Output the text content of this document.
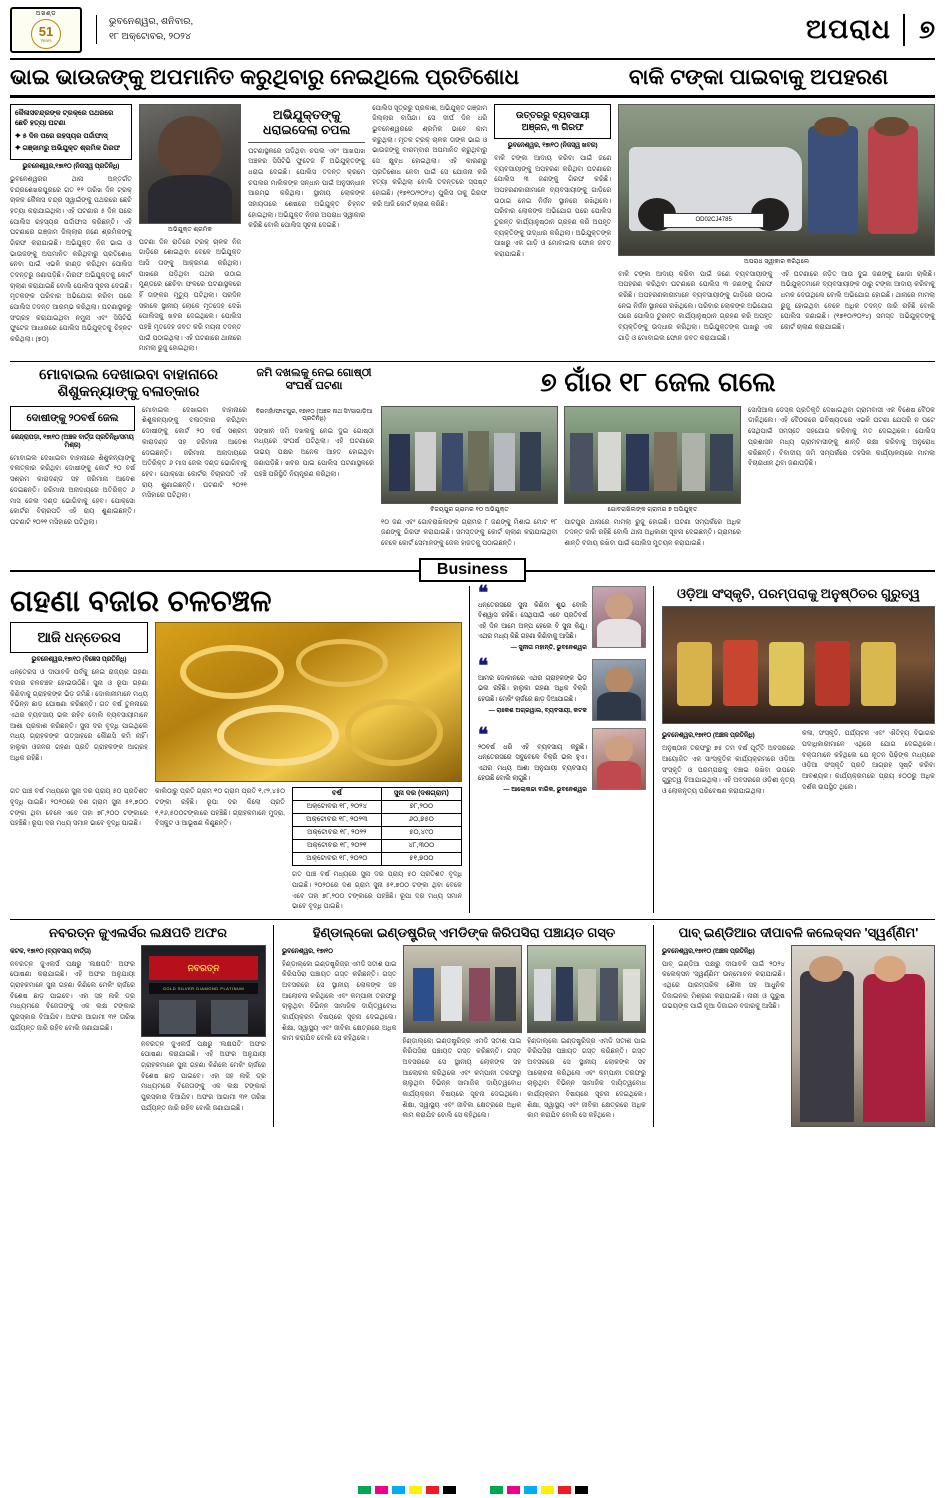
ଅଖଣ୍ଡ
51
Years
ଭୁବନେଶ୍ୱର, ଶନିବାର,
୧୮ ଅକ୍ଟୋବର, ୨୦୨୪	ଅପରାଧ	୭
ଭାଇ ଭାଉଜଙ୍କୁ ଅପମାନିତ କରୁଥିବାରୁ ନେଇଥିଲେ ପ୍ରତିଶୋଧ	ବାକି ଟଙ୍କା ପାଇବାକୁ ଅପହରଣ
କୈଳାସଚନ୍ଦ୍ରଙ୍କ ଟ୍ରକ୍‌ରେ ପଥରରେ ଛେଚି ହତ୍ୟା ଘଟଣା
✦ ୫ ଦିନ ପରେ ରହସ୍ୟର ପର୍ଦ୍ଦାଫାସ୍
✦ ଗଞ୍ଜାମରୁ ଅଭିଯୁକ୍ତ ଶ୍ରମିକ ଗିରଫ
ଭୁବନେଶ୍ୱର,୧୭ା୧୦ (ନିଜସ୍ୱ ପ୍ରତିନିଧି)
ଭୁବନେଶ୍ୱରର ଥାନା ଅନ୍ତର୍ଗତ ଚନ୍ଦ୍ରଶେଖରପୁରରେ ଗତ ୧୨ ତାରିଖ ଦିନ ଟ୍ରକ୍ ଚାଳକ କୈଳାସ ଚନ୍ଦ୍ର ସ୍ୱାଇଁଙ୍କୁ ପଥରରେ ଛେଚି ହତ୍ୟା କରାଯାଇଥିଲା। ଏହି ଘଟଣାର ୫ ଦିନ ପରେ ପୋଲିସ ରହସ୍ୟର ପର୍ଦ୍ଦାଫାସ କରିଛନ୍ତି। ଏହି ଘଟଣାରେ ଗଞ୍ଜାମ ଜିଲ୍ଲାର ଜଣେ ଶ୍ରମିକଙ୍କୁ ଗିରଫ କରାଯାଇଛି। ଅଭିଯୁକ୍ତ ନିଜ ଭାଇ ଓ ଭାଉଜଙ୍କୁ ଅପମାନିତ କରିଥିବାରୁ ପ୍ରତିଶୋଧ ନେବା ପାଇଁ ଏଭଳି କାଣ୍ଡ କରିଥିବା ପୋଲିସ ତଦନ୍ତରୁ ଜଣାପଡ଼ିଛି। ଗିରଫ ଅଭିଯୁକ୍ତକୁ କୋର୍ଟ ଚାଲାଣ କରାଯାଇଛି ବୋଲି ପୋଲିସ ସୂଚନା ଦେଇଛି। ମୃତକଙ୍କ ପରିବାର ଅଭିଯୋଗ କରିବା ପରେ ପୋଲିସ ତଦନ୍ତ ଆରମ୍ଭ କରିଥିଲା। ଘଟଣାସ୍ଥଳରୁ ସଂଗ୍ରହ କରାଯାଇଥିବା ନମୁନା ଏବଂ ସିସିଟିଭି ଫୁଟେଜ ଆଧାରରେ ପୋଲିସ ଅଭିଯୁକ୍ତକୁ ଚିହ୍ନଟ କରିଥିଲା। (୭୦)
ଅଭିଯୁକ୍ତ ଶ୍ରମିକ
ଘଟଣା ଦିନ ରାତିରେ ଟ୍ରକ୍ ଚାଳକ ନିଜ ଗାଡ଼ିରେ ଶୋଇଥିବା ବେଳେ ଅଭିଯୁକ୍ତ ଆସି ତାଙ୍କୁ ଆକ୍ରମଣ କରିଥିଲା। ପାଖରେ ପଡ଼ିଥିବା ପଥର ଉଠାଇ ମୁଣ୍ଡରେ ଛେଚିବା ଫଳରେ ଘଟଣାସ୍ଥଳରେ ହିଁ ତାଙ୍କର ମୃତ୍ୟୁ ଘଟିଥିଲା। ପରଦିନ ସକାଳେ ସ୍ଥାନୀୟ ଲୋକେ ମୃତଦେହ ଦେଖି ପୋଲିସକୁ ଖବର ଦେଇଥିଲେ। ପୋଲିସ ପହଞ୍ଚି ମୃତଦେହ ଜବତ କରି ମୟନା ତଦନ୍ତ ପାଇଁ ପଠାଇଥିଲା। ଏହି ଘଟଣାରେ ଥାନାରେ ମାମଲା ରୁଜୁ ହୋଇଥିଲା।
ଅଭିଯୁକ୍ତଙ୍କୁ ଧରାଇଦେଲା ଚପଲ
ଘଟଣାସ୍ଥଳରେ ପଡ଼ିଥିବା ଚପଲ ଏବଂ ଆଖପାଖ ଅଞ୍ଚଳର ସିସିଟିଭି ଫୁଟେଜ ହିଁ ଅଭିଯୁକ୍ତଙ୍କୁ ଧରାଇ ଦେଇଛି। ପୋଲିସ ତଦନ୍ତ କ୍ରମେ ଚପଲର ମାଲିକଙ୍କ ସନ୍ଧାନ ପାଇଁ ଅନୁସନ୍ଧାନ ଆରମ୍ଭ କରିଥିଲା। ସ୍ଥାନୀୟ ଲୋକଙ୍କ ସହାୟତାରେ ଶେଷରେ ଅଭିଯୁକ୍ତ ଚିହ୍ନଟ ହୋଇଥିଲା। ଅଭିଯୁକ୍ତ ନିଜର ଅପରାଧ ସ୍ୱୀକାର କରିଛି ବୋଲି ପୋଲିସ ସୂଚନା ଦେଇଛି।
ପୋଲିସ ସୂତ୍ରରୁ ପ୍ରକାଶ, ଅଭିଯୁକ୍ତ ଗଞ୍ଜାମ ଜିଲ୍ଲାର ବାସିନ୍ଦା। ସେ ଦୀର୍ଘ ଦିନ ଧରି ଭୁବନେଶ୍ୱରରେ ଶ୍ରମିକ ଭାବେ କାମ କରୁଥିଲା। ମୃତକ ଟ୍ରକ୍ ଚାଳକ ତାଙ୍କ ଭାଇ ଓ ଭାଉଜଙ୍କୁ ବାରମ୍ବାର ଅପମାନିତ କରୁଥିବାରୁ ସେ କ୍ଷୁବ୍ଧ ହୋଇଥିଲା। ଏହି କାରଣରୁ ପ୍ରତିଶୋଧ ନେବା ପାଇଁ ସେ ଯୋଜନା କରି ହତ୍ୟା କରିଥିଲା ବୋଲି ତଦନ୍ତରେ ସ୍ପଷ୍ଟ ହୋଇଛି। (୧୭୧୦/୨୦୨୪) ପୁଲିସ ତାକୁ ଗିରଫ କରି ଆଜି କୋର୍ଟ ଚାଲାଣ କରିଛି।
ଉତ୍ତରରୁ ବ୍ୟବସାୟୀ
ଅଞ୍ଜନ, ୩ ଗିରଫ
ଭୁବନେଶ୍ୱର, ୧୭ା୧୦ (ନିଜସ୍ୱ ଖବର)
ବାକି ଟଙ୍କା ଆଦାୟ କରିବା ପାଇଁ ଜଣେ ବ୍ୟବସାୟୀଙ୍କୁ ଅପହରଣ କରିଥିବା ଘଟଣାରେ ପୋଲିସ ୩ ଜଣଙ୍କୁ ଗିରଫ କରିଛି। ଅପହରଣକାରୀମାନେ ବ୍ୟବସାୟୀଙ୍କୁ ଗାଡ଼ିରେ ଉଠାଇ ନେଇ ନିର୍ଜନ ସ୍ଥାନରେ ରଖିଥିଲେ। ପରିବାର ଲୋକଙ୍କ ଅଭିଯୋଗ ପରେ ପୋଲିସ ତୁରନ୍ତ କାର୍ଯ୍ୟାନୁଷ୍ଠାନ ଗ୍ରହଣ କରି ଅପହୃତ ବ୍ୟକ୍ତିଙ୍କୁ ଉଦ୍ଧାର କରିଥିଲା। ଅଭିଯୁକ୍ତଙ୍କ ପାଖରୁ ଏକ ଗାଡ଼ି ଓ ମୋବାଇଲ ଫୋନ ଜବତ କରାଯାଇଛି।
OD02CJ4785
ଅପରାଧ ସ୍ୱୀକାର କରିଥିଲେ
ବାକି ଟଙ୍କା ଆଦାୟ କରିବା ପାଇଁ ଜଣେ ବ୍ୟବସାୟୀଙ୍କୁ ଅପହରଣ କରିଥିବା ଘଟଣାରେ ପୋଲିସ ୩ ଜଣଙ୍କୁ ଗିରଫ କରିଛି। ଅପହରଣକାରୀମାନେ ବ୍ୟବସାୟୀଙ୍କୁ ଗାଡ଼ିରେ ଉଠାଇ ନେଇ ନିର୍ଜନ ସ୍ଥାନରେ ରଖିଥିଲେ। ପରିବାର ଲୋକଙ୍କ ଅଭିଯୋଗ ପରେ ପୋଲିସ ତୁରନ୍ତ କାର୍ଯ୍ୟାନୁଷ୍ଠାନ ଗ୍ରହଣ କରି ଅପହୃତ ବ୍ୟକ୍ତିଙ୍କୁ ଉଦ୍ଧାର କରିଥିଲା। ଅଭିଯୁକ୍ତଙ୍କ ପାଖରୁ ଏକ ଗାଡ଼ି ଓ ମୋବାଇଲ ଫୋନ ଜବତ କରାଯାଇଛି।
ଏହି ଘଟଣାରେ ଜଡ଼ିତ ଆଉ ଦୁଇ ଜଣଙ୍କୁ ଖୋଜା ଚାଲିଛି। ଅଭିଯୁକ୍ତମାନେ ବ୍ୟବସାୟୀଙ୍କ ଠାରୁ ଟଙ୍କା ଆଦାୟ କରିବାକୁ ଧମକ ଦେଉଥିଲେ ବୋଲି ଅଭିଯୋଗ ହୋଇଛି। ଥାନାରେ ମାମଲା ରୁଜୁ ହୋଇଥିବା ବେଳେ ଅଧିକ ତଦନ୍ତ ଜାରି ରହିଛି ବୋଲି ପୋଲିସ ଜଣାଇଛି। (୧୭୧୦/୨୦୨୪) ସମସ୍ତ ଅଭିଯୁକ୍ତଙ୍କୁ କୋର୍ଟ ଚାଲାଣ କରାଯାଇଛି।
ମୋବାଇଲ ଦେଖାଇବା ବାହାନାରେ ଶିଶୁକନ୍ୟାଙ୍କୁ ବଳାତ୍କାର
ଜମି ଦଖଲକୁ ନେଇ ଗୋଷ୍ଠୀ ସଂଘର୍ଷ ଘଟଣା	୭ ଗାଁର ୧୮ ଜେଲ ଗଲେ
ଦୋଷୀଙ୍କୁ ୨୦ବର୍ଷ ଜେଲ
କେନ୍ଦ୍ରାପଡ଼ା, ୧୭ା୧୦ (ଅଞ୍ଚଳ ବାର୍ତ୍ତା ପ୍ରତିନିଧି/ସମୟ ମିଶ୍ର)
ମୋବାଇଲ ଦେଖାଇବା ବାହାନାରେ ଶିଶୁକନ୍ୟାଙ୍କୁ ବଳାତ୍କାର କରିଥିବା ଦୋଷୀଙ୍କୁ କୋର୍ଟ ୨୦ ବର୍ଷ ସଶ୍ରମ କାରାଦଣ୍ଡ ସହ ଜରିମାନା ଆଦେଶ ଦେଇଛନ୍ତି। ଜରିମାନା ଅନାଦାୟରେ ଅତିରିକ୍ତ ୬ ମାସ ଜେଲ ଦଣ୍ଡ ଭୋଗିବାକୁ ହେବ। ପୋକ୍ସୋ କୋର୍ଟର ବିଚାରପତି ଏହି ରାୟ ଶୁଣାଇଛନ୍ତି। ଘଟଣାଟି ୨୦୨୧ ମସିହାରେ ଘଟିଥିଲା।
ମୋବାଇଲ ଦେଖାଇବା ବାହାନାରେ ଶିଶୁକନ୍ୟାଙ୍କୁ ବଳାତ୍କାର କରିଥିବା ଦୋଷୀଙ୍କୁ କୋର୍ଟ ୨୦ ବର୍ଷ ସଶ୍ରମ କାରାଦଣ୍ଡ ସହ ଜରିମାନା ଆଦେଶ ଦେଇଛନ୍ତି। ଜରିମାନା ଅନାଦାୟରେ ଅତିରିକ୍ତ ୬ ମାସ ଜେଲ ଦଣ୍ଡ ଭୋଗିବାକୁ ହେବ। ପୋକ୍ସୋ କୋର୍ଟର ବିଚାରପତି ଏହି ରାୟ ଶୁଣାଇଛନ୍ତି। ଘଟଣାଟି ୨୦୨୧ ମସିହାରେ ଘଟିଥିଲା।
ବିରମହାଁ/ଫାଟପୁର, ୧୭ା୧୦ (ଅଞ୍ଚଳ ନାଥ ସିଂ/ସାଗାଡ଼ିଆ ପ୍ରତିନିଧି)
ସଙ୍ଖୀନ ଜମି ଦଖଲକୁ ନେଇ ଦୁଇ ଗୋଷ୍ଠୀ ମଧ୍ୟରେ ସଂଘର୍ଷ ଘଟିଥିଲା। ଏହି ଘଟଣାରେ ଉଭୟ ପକ୍ଷର ଅନେକ ଆହତ ହୋଇଥିବା ଜଣାପଡ଼ିଛି। ଖବର ପାଇ ପୋଲିସ ଘଟଣାସ୍ଥଳରେ ପହଞ୍ଚି ପରିସ୍ଥିତି ନିୟନ୍ତ୍ରଣ କରିଥିଲା।
ବିଜୟପୁର ଗ୍ରାମର ୧୦ ଅଭିଯୁକ୍ତ	ଗୋବରାଖିଲଙ୍କ ଗ୍ରାମର ୭ ଅଭିଯୁକ୍ତ
୧୦ ଜଣ ଏବଂ ଗୋବରାଖିଲଙ୍କ ଗ୍ରାମର ୮ ଜଣଙ୍କୁ ମିଶାଇ ମୋଟ ୧୮ ଜଣଙ୍କୁ ଗିରଫ କରାଯାଇଛି। ସମସ୍ତଙ୍କୁ କୋର୍ଟ ଚାଲାଣ କରାଯାଇଥିବା ବେଳେ କୋର୍ଟ ସେମାନଙ୍କୁ ଜେଲ ହାଜତକୁ ପଠାଇଛନ୍ତି।
ପାଟପୁର ଥାନାରେ ମାମଲା ରୁଜୁ ହୋଇଛି। ଘଟଣା ସମ୍ପର୍କରେ ଅଧିକ ତଦନ୍ତ ଜାରି ରହିଛି ବୋଲି ଥାନା ଅଧିକାରୀ ସୂଚନା ଦେଇଛନ୍ତି। ଗ୍ରାମରେ ଶାନ୍ତି ବଜାୟ ରଖିବା ପାଇଁ ପୋଲିସ ମୁତୟନ କରାଯାଇଛି।
ସୋସିଆଲ ଡେସ୍କ ପ୍ରତିକୃତି ଦେଖାଇଥିବା ଗ୍ରାମବାସୀ ଏକ ବିଶେଷ ବୈଠକ ଡାକିଥିଲେ। ଏହି ବୈଠକରେ ଭବିଷ୍ୟତରେ ଏଭଳି ଘଟଣା ଯେପରି ନ ଘଟେ ସେଥିପାଇଁ ସମସ୍ତେ ସହଯୋଗ କରିବାକୁ ମତ ଦେଇଥିଲେ। ପୋଲିସ ପ୍ରଶାସନ ମଧ୍ୟ ଗ୍ରାମବାସୀଙ୍କୁ ଶାନ୍ତି ରକ୍ଷା କରିବାକୁ ଅନୁରୋଧ କରିଛନ୍ତି। ବିବାଦୀୟ ଜମି ସମ୍ପର୍କରେ ତହସିଲ କାର୍ଯ୍ୟାଳୟରେ ମାମଲା ବିଚାରାଧୀନ ଥିବା ଜଣାପଡ଼ିଛି।
Business
ଗହଣା ବଜାର ଚଳଚଞ୍ଚଳ
ଆଜି ଧନ୍ତେରସ
ଭୁବନେଶ୍ୱର,୧୭ା୧୦ (ବିଜ୍ଞେସ ପ୍ରତିନିଧି)
ଧନ୍ତେରସ ଓ ଦୀପାବଳି ପର୍ବକୁ ନେଇ ରାଜ୍ୟର ଗହଣା ବଜାର ଚଳଚଞ୍ଚଳ ହୋଇଉଠିଛି। ସୁନା ଓ ରୂପା ଗହଣା କିଣିବାକୁ ଗ୍ରାହକଙ୍କ ଭିଡ଼ ଜମିଛି। ଦୋକାନୀମାନେ ମଧ୍ୟ ବିଭିନ୍ନ ଛାଡ଼ ଘୋଷଣା କରିଛନ୍ତି। ଗତ ବର୍ଷ ତୁଳନାରେ ଏଥର ବ୍ୟବସାୟ ଭଲ ରହିବ ବୋଲି ବ୍ୟବସାୟୀମାନେ ଆଶା ପ୍ରକାଶ କରିଛନ୍ତି। ସୁନା ଦର ବୃଦ୍ଧି ପାଇଥିଲେ ମଧ୍ୟ ଗ୍ରାହକଙ୍କ ଉତ୍ସାହରେ କୌଣସି କମି ନାହିଁ। ହାଲୁକା ଓଜନର ଗହଣା ପ୍ରତି ଗ୍ରାହକଙ୍କ ଆଗ୍ରହ ଅଧିକ ରହିଛି।
ଗତ ପାଞ୍ଚ ବର୍ଷ ମଧ୍ୟରେ ସୁନା ଦର ପ୍ରାୟ ୫୦ ପ୍ରତିଶତ ବୃଦ୍ଧି ପାଇଛି। ୨୦୨୦ରେ ଦଶ ଗ୍ରାମ ସୁନା ୫୧,୭୦୦ ଟଙ୍କା ଥିବା ବେଳେ ଏବେ ତାହା ୭୮,୨୦୦ ଟଙ୍କାରେ ପହଞ୍ଚିଛି। ରୂପା ଦର ମଧ୍ୟ ସମାନ ଭାବେ ବୃଦ୍ଧି ପାଇଛି।
କାଲିଠାରୁ ପ୍ରତି ଗ୍ରାମ ୧୦ ଗ୍ରାମ ପ୍ରତି ୧,୯୨,୪୫୦ ଟଙ୍କା ରହିଛି। ରୂପା ଦର କିଲୋ ପ୍ରତି ୧,୧୬,୫୦୦ଟଙ୍କାରେ ପହଞ୍ଚିଛି। ଗ୍ରାହକମାନେ ମୁଦ୍ରା, ବିସ୍କୁଟ ଓ ଆଭୂଷଣ କିଣୁଛନ୍ତି।
ବର୍ଷ	ସୁନା ଦର (ଦଶଗ୍ରାମ)
ଅକ୍ଟୋବର ୧୮, ୨୦୨୪	୭୮,୨୦୦
ଅକ୍ଟୋବର ୧୮, ୨୦୨୩	୬୦,୭୫୦
ଅକ୍ଟୋବର ୧୮, ୨୦୨୨	୫୦,୪୯୦
ଅକ୍ଟୋବର ୧୮, ୨୦୨୧	୪୮,୩୦୦
ଅକ୍ଟୋବର ୧୮, ୨୦୨୦	୫୧,୭୦୦
ଗତ ପାଞ୍ଚ ବର୍ଷ ମଧ୍ୟରେ ସୁନା ଦର ପ୍ରାୟ ୫୦ ପ୍ରତିଶତ ବୃଦ୍ଧି ପାଇଛି। ୨୦୨୦ରେ ଦଶ ଗ୍ରାମ ସୁନା ୫୧,୭୦୦ ଟଙ୍କା ଥିବା ବେଳେ ଏବେ ତାହା ୭୮,୨୦୦ ଟଙ୍କାରେ ପହଞ୍ଚିଛି। ରୂପା ଦର ମଧ୍ୟ ସମାନ ଭାବେ ବୃଦ୍ଧି ପାଇଛି।
❝
ଧନ୍ତେରସରେ ସୁନା କିଣିବା ଶୁଭ ବୋଲି ବିଶ୍ୱାସ ରହିଛି। ସେଥିପାଇଁ ଏବେ ପ୍ରତିବର୍ଷ ଏହି ଦିନ ଆମେ ଅଳ୍ପ ହେଲେ ବି ସୁନା କିଣୁ। ଏଥର ମଧ୍ୟ କିଛି ଗହଣା କିଣିବାକୁ ଆସିଛି।
— ସୁନୀତା ମହାନ୍ତି, ଭୁବନେଶ୍ୱର
❝
ଆମର ଦୋକାନରେ ଏଥର ଗ୍ରାହକଙ୍କ ଭିଡ଼ ଭଲ ରହିଛି। ହାଲୁକା ଗହଣା ଅଧିକ ବିକ୍ରି ହେଉଛି। ମେକିଂ ଚାର୍ଜରେ ଛାଡ଼ ଦିଆଯାଇଛି।
— ରାକେଶ ଅଗ୍ରୱାଲ, ବ୍ୟବସାୟୀ, କଟକ
❝
୨୦ବର୍ଷ ଧରି ଏହି ବ୍ୟବସାୟ କରୁଛି। ଧନ୍ତେରସରେ ସବୁବେଳେ ବିକ୍ରି ଭଲ ହୁଏ। ଏଥର ମଧ୍ୟ ଆଶା ଅନୁଯାୟୀ ବ୍ୟବସାୟ ହେଉଛି ବୋଲି ଲାଗୁଛି।
— ଆଲୋକନ୍ଦା ବାରିକ, ଭୁବନେଶ୍ୱର
ଓଡ଼ିଆ ସଂସ୍କୃତି, ପରମ୍ପରାକୁ ଅନୁଷ୍ଠିତର ଗୁରୁତ୍ୱ
ଭୁବନେଶ୍ୱର,୧୭ା୧୦ (ଅଞ୍ଚଳ ପ୍ରତିନିଧି)
ଅନୁଷ୍ଠାନ ତରଫରୁ ୭୫ ତମ ବର୍ଷ ପୂର୍ତ୍ତି ଅବସରରେ ଆୟୋଜିତ ଏକ ସାଂସ୍କୃତିକ କାର୍ଯ୍ୟକ୍ରମରେ ଓଡ଼ିଆ ସଂସ୍କୃତି ଓ ପରମ୍ପରାକୁ ବଞ୍ଚାଇ ରଖିବା ଉପରେ ଗୁରୁତ୍ୱ ଦିଆଯାଇଥିଲା। ଏହି ଅବସରରେ ଓଡ଼ିଶୀ ନୃତ୍ୟ ଓ ଲୋକନୃତ୍ୟ ପରିବେଷଣ କରାଯାଇଥିଲା।
କଳା, ସଂସ୍କୃତି, ପର୍ଯ୍ୟଟନ ଏବଂ ଐତିହ୍ୟ ବିଭାଗର ପଦାଧିକାରୀମାନେ ଏଥିରେ ଯୋଗ ଦେଇଥିଲେ। ବକ୍ତାମାନେ କହିଥିଲେ ଯେ ନୂତନ ପିଢ଼ିଙ୍କ ମଧ୍ୟରେ ଓଡ଼ିଆ ସଂସ୍କୃତି ପ୍ରତି ଆଗ୍ରହ ସୃଷ୍ଟି କରିବା ଆବଶ୍ୟକ। କାର୍ଯ୍ୟକ୍ରମରେ ପ୍ରାୟ ୫୦୦ରୁ ଅଧିକ ଦର୍ଶକ ଉପସ୍ଥିତ ଥିଲେ।
ନବରତ୍ନ ଜୁଏଲର୍ସର ଲକ୍ଷପତି ଅଫର
କଟକ, ୧୭ା୧୦ (ବ୍ୟବସାୟ ବାର୍ତ୍ତା)
ନବରତ୍ନ ଜୁଏଲର୍ସ ପକ୍ଷରୁ 'ଲକ୍ଷପତି' ଅଫର ଘୋଷଣା କରାଯାଇଛି। ଏହି ଅଫର ଅନୁଯାୟୀ ଗ୍ରାହକମାନେ ସୁନା ଗହଣା କିଣିଲେ ମେକିଂ ଚାର୍ଜରେ ବିଶେଷ ଛାଡ଼ ପାଇବେ। ଏହା ସହ ଲକି ଡ୍ର ମାଧ୍ୟମରେ ବିଜେତାଙ୍କୁ ଏକ ଲକ୍ଷ ଟଙ୍କାର ପୁରସ୍କାର ଦିଆଯିବ। ଅଫର ଆଗାମୀ ୩୧ ତାରିଖ ପର୍ଯ୍ୟନ୍ତ ଜାରି ରହିବ ବୋଲି ଜଣାଯାଇଛି।
ନବରତ୍ନ
GOLD SILVER DIAMOND PLATINUM
ନବରତ୍ନ ଜୁଏଲର୍ସ ପକ୍ଷରୁ 'ଲକ୍ଷପତି' ଅଫର ଘୋଷଣା କରାଯାଇଛି। ଏହି ଅଫର ଅନୁଯାୟୀ ଗ୍ରାହକମାନେ ସୁନା ଗହଣା କିଣିଲେ ମେକିଂ ଚାର୍ଜରେ ବିଶେଷ ଛାଡ଼ ପାଇବେ। ଏହା ସହ ଲକି ଡ୍ର ମାଧ୍ୟମରେ ବିଜେତାଙ୍କୁ ଏକ ଲକ୍ଷ ଟଙ୍କାର ପୁରସ୍କାର ଦିଆଯିବ। ଅଫର ଆଗାମୀ ୩୧ ତାରିଖ ପର୍ଯ୍ୟନ୍ତ ଜାରି ରହିବ ବୋଲି ଜଣାଯାଇଛି।
ହିଣ୍ଡାଲ୍‌କୋ ଇଣ୍ଡଷ୍ଟ୍ରିଜ୍ ଏମଡିଙ୍କ କିରିପସିରା ପଞ୍ଚାୟତ ଗସ୍ତ
ଭୁବନେଶ୍ୱର, ୧୭ା୧୦
ହିଣ୍ଡାଲ୍‌କୋ ଇଣ୍ଡଷ୍ଟ୍ରିଜ୍‌ର ଏମଡି ସତୀଶ ପାଇ କିରିପସିରା ପଞ୍ଚାୟତ ଗସ୍ତ କରିଛନ୍ତି। ଗସ୍ତ ଅବସରରେ ସେ ସ୍ଥାନୀୟ ଲୋକଙ୍କ ସହ ଆଲୋଚନା କରିଥିଲେ ଏବଂ କମ୍ପାନୀ ତରଫରୁ ଚାଲୁଥିବା ବିଭିନ୍ନ ସାମାଜିକ ଦାୟିତ୍ୱବୋଧ କାର୍ଯ୍ୟକ୍ରମ ବିଷୟରେ ସୂଚନା ଦେଇଥିଲେ। ଶିକ୍ଷା, ସ୍ୱାସ୍ଥ୍ୟ ଏବଂ ଜୀବିକା କ୍ଷେତ୍ରରେ ଅଧିକ କାମ କରାଯିବ ବୋଲି ସେ କହିଥିଲେ।	ହିଣ୍ଡାଲ୍‌କୋ ଇଣ୍ଡଷ୍ଟ୍ରିଜ୍‌ର ଏମଡି ସତୀଶ ପାଇ କିରିପସିରା ପଞ୍ଚାୟତ ଗସ୍ତ କରିଛନ୍ତି। ଗସ୍ତ ଅବସରରେ ସେ ସ୍ଥାନୀୟ ଲୋକଙ୍କ ସହ ଆଲୋଚନା କରିଥିଲେ ଏବଂ କମ୍ପାନୀ ତରଫରୁ ଚାଲୁଥିବା ବିଭିନ୍ନ ସାମାଜିକ ଦାୟିତ୍ୱବୋଧ କାର୍ଯ୍ୟକ୍ରମ ବିଷୟରେ ସୂଚନା ଦେଇଥିଲେ। ଶିକ୍ଷା, ସ୍ୱାସ୍ଥ୍ୟ ଏବଂ ଜୀବିକା କ୍ଷେତ୍ରରେ ଅଧିକ କାମ କରାଯିବ ବୋଲି ସେ କହିଥିଲେ।
ହିଣ୍ଡାଲ୍‌କୋ ଇଣ୍ଡଷ୍ଟ୍ରିଜ୍‌ର ଏମଡି ସତୀଶ ପାଇ କିରିପସିରା ପଞ୍ଚାୟତ ଗସ୍ତ କରିଛନ୍ତି। ଗସ୍ତ ଅବସରରେ ସେ ସ୍ଥାନୀୟ ଲୋକଙ୍କ ସହ ଆଲୋଚନା କରିଥିଲେ ଏବଂ କମ୍ପାନୀ ତରଫରୁ ଚାଲୁଥିବା ବିଭିନ୍ନ ସାମାଜିକ ଦାୟିତ୍ୱବୋଧ କାର୍ଯ୍ୟକ୍ରମ ବିଷୟରେ ସୂଚନା ଦେଇଥିଲେ। ଶିକ୍ଷା, ସ୍ୱାସ୍ଥ୍ୟ ଏବଂ ଜୀବିକା କ୍ଷେତ୍ରରେ ଅଧିକ କାମ କରାଯିବ ବୋଲି ସେ କହିଥିଲେ।
ପାବ୍ ଇଣ୍ଡିଆର ଦୀପାବଳି କଲେକ୍ସନ 'ସ୍ୱର୍ଣ୍ଣିମ'
ଭୁବନେଶ୍ୱର,୧୭ା୧୦ (ଅଞ୍ଚଳ ପ୍ରତିନିଧି)
ପାବ୍ ଇଣ୍ଡିଆ ପକ୍ଷରୁ ଦୀପାବଳି ପାଇଁ ୨୦୨୪ କଲେକ୍ସନ 'ସ୍ୱର୍ଣ୍ଣିମ' ଉନ୍ମୋଚନ କରାଯାଇଛି। ଏଥିରେ ପାରମ୍ପରିକ ଶୈଳୀ ସହ ଆଧୁନିକ ଡିଜାଇନର ମିଶ୍ରଣ କରାଯାଇଛି। ନାରୀ ଓ ପୁରୁଷ ଉଭୟଙ୍କ ପାଇଁ ନୂଆ ଡିଜାଇନ ବଜାରକୁ ଆସିଛି।
